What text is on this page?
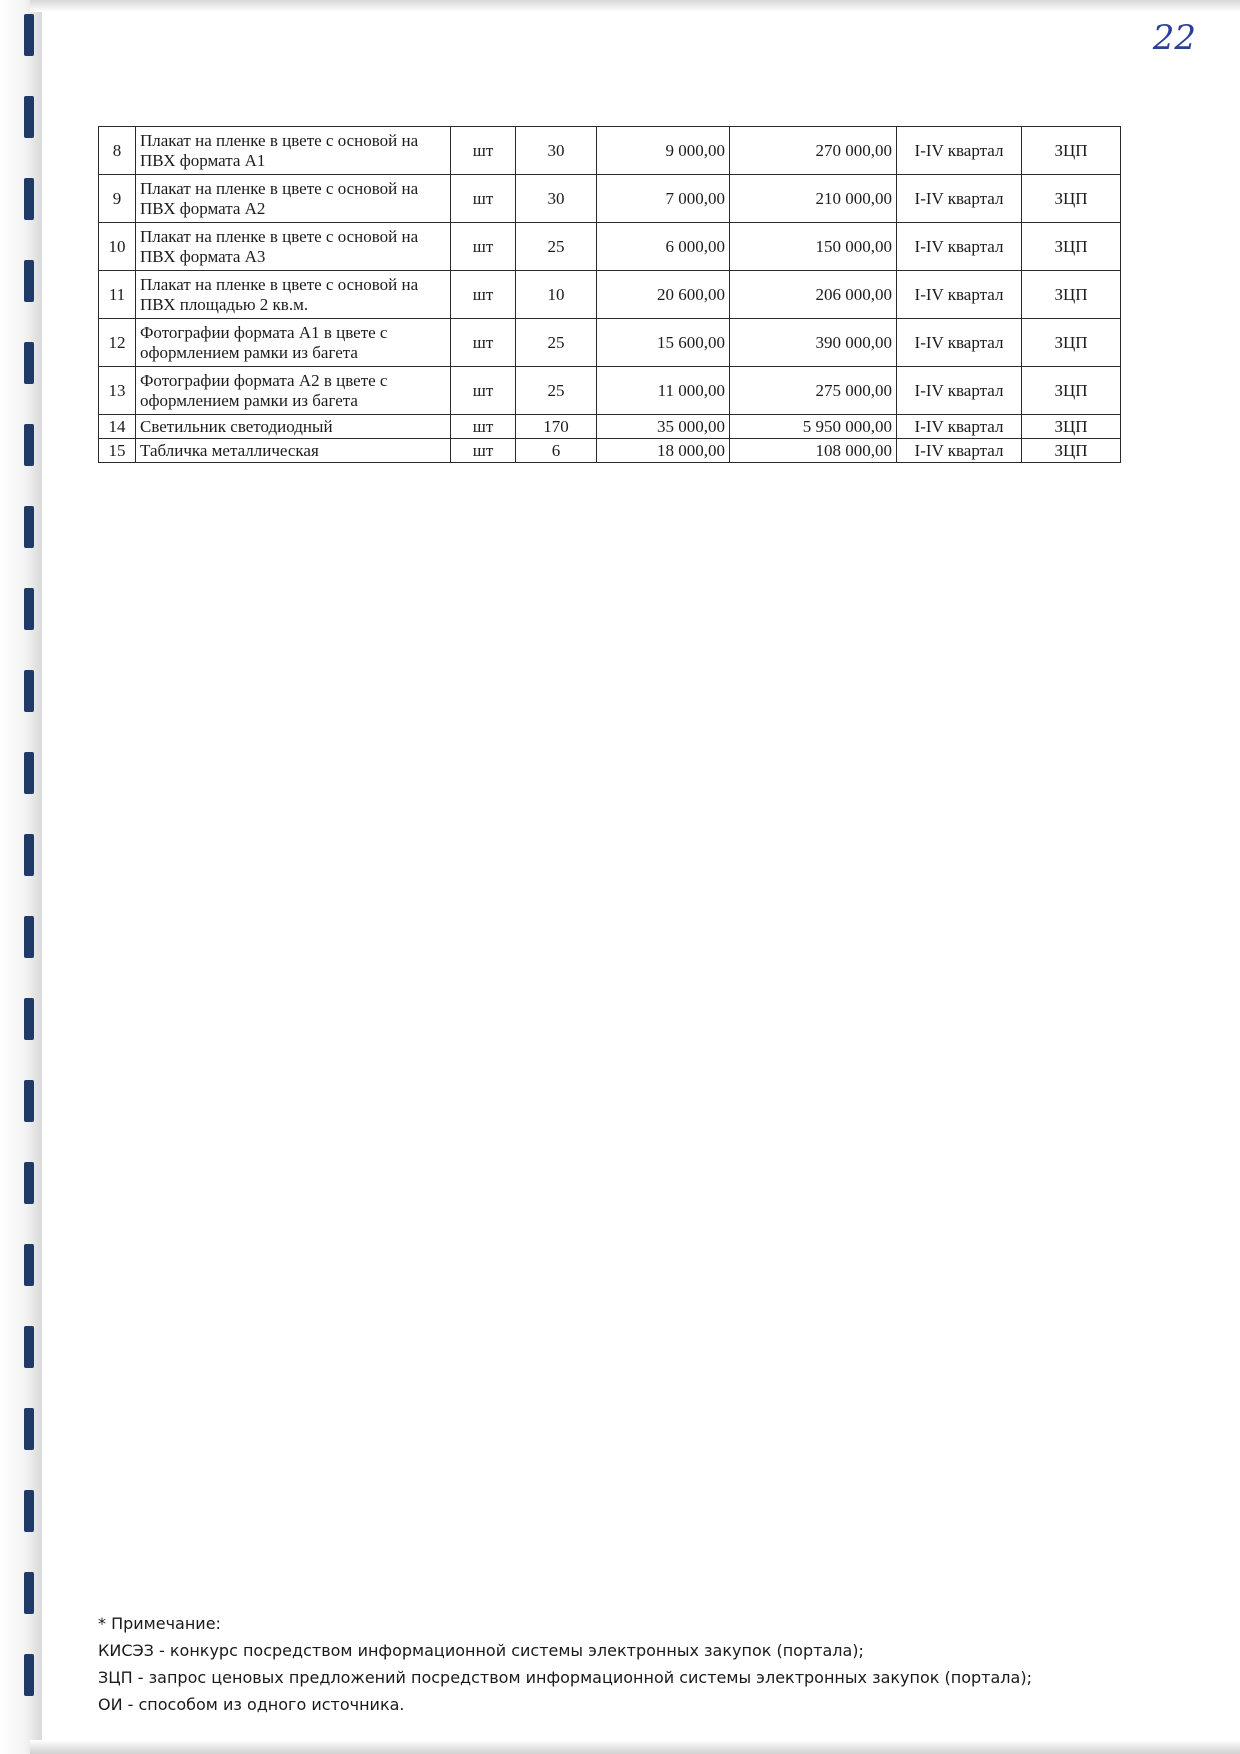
22
8	Плакат на пленке в цвете с основой на ПВХ формата А1	шт	30	9 000,00	270 000,00	I-IV квартал	ЗЦП
9	Плакат на пленке в цвете с основой на ПВХ формата А2	шт	30	7 000,00	210 000,00	I-IV квартал	ЗЦП
10	Плакат на пленке в цвете с основой на ПВХ формата А3	шт	25	6 000,00	150 000,00	I-IV квартал	ЗЦП
11	Плакат на пленке в цвете с основой на ПВХ площадью 2 кв.м.	шт	10	20 600,00	206 000,00	I-IV квартал	ЗЦП
12	Фотографии формата А1 в цвете с оформлением рамки из багета	шт	25	15 600,00	390 000,00	I-IV квартал	ЗЦП
13	Фотографии формата А2 в цвете с оформлением рамки из багета	шт	25	11 000,00	275 000,00	I-IV квартал	ЗЦП
14	Светильник светодиодный	шт	170	35 000,00	5 950 000,00	I-IV квартал	ЗЦП
15	Табличка металлическая	шт	6	18 000,00	108 000,00	I-IV квартал	ЗЦП
* Примечание:
КИСЭЗ - конкурс посредством информационной системы электронных закупок (портала);
ЗЦП - запрос ценовых предложений посредством информационной системы электронных закупок (портала);
ОИ - способом из одного источника.
